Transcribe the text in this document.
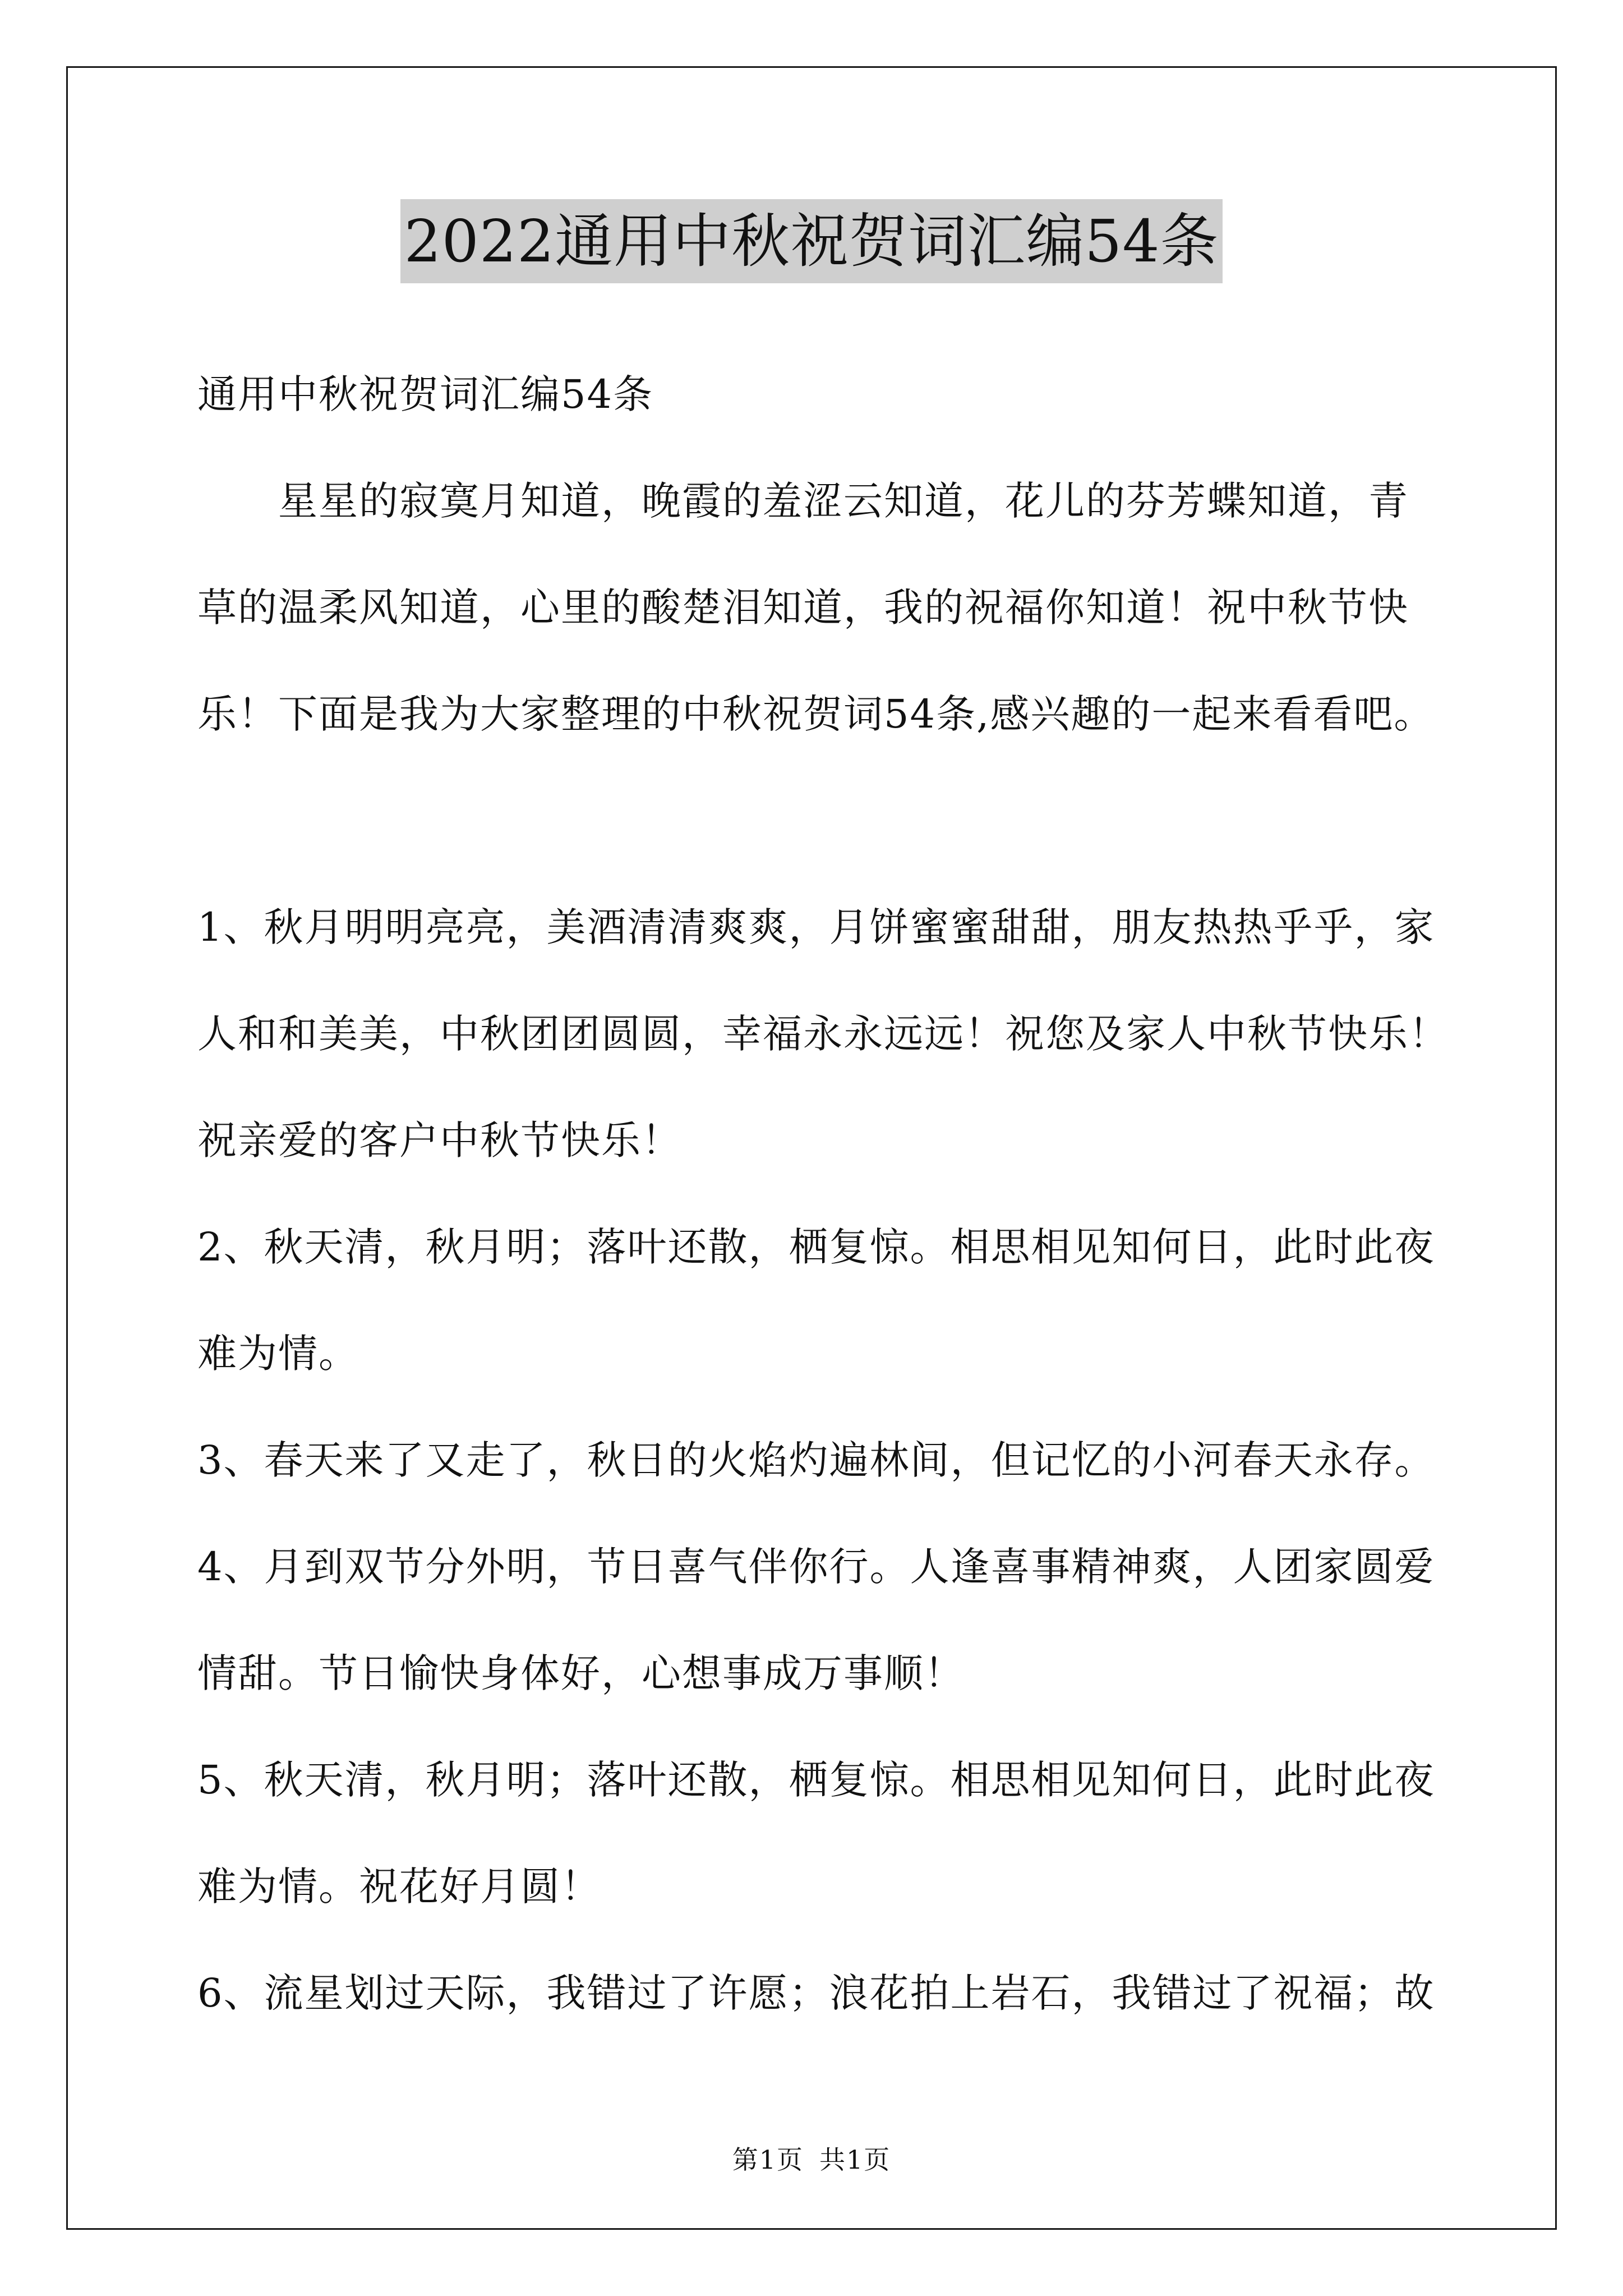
2022通用中秋祝贺词汇编54条
通用中秋祝贺词汇编54条
　　星星的寂寞月知道，晚霞的羞涩云知道，花儿的芬芳蝶知道，青
草的温柔风知道，心里的酸楚泪知道，我的祝福你知道！祝中秋节快
乐！下面是我为大家整理的中秋祝贺词54条,感兴趣的一起来看看吧。
1、秋月明明亮亮，美酒清清爽爽，月饼蜜蜜甜甜，朋友热热乎乎，家
人和和美美，中秋团团圆圆，幸福永永远远！祝您及家人中秋节快乐！
祝亲爱的客户中秋节快乐！
2、秋天清，秋月明；落叶还散，栖复惊。相思相见知何日，此时此夜
难为情。
3、春天来了又走了，秋日的火焰灼遍林间，但记忆的小河春天永存。
4、月到双节分外明，节日喜气伴你行。人逢喜事精神爽，人团家圆爱
情甜。节日愉快身体好，心想事成万事顺！
5、秋天清，秋月明；落叶还散，栖复惊。相思相见知何日，此时此夜
难为情。祝花好月圆！
6、流星划过天际，我错过了许愿；浪花拍上岩石，我错过了祝福；故
第1页 共1页
